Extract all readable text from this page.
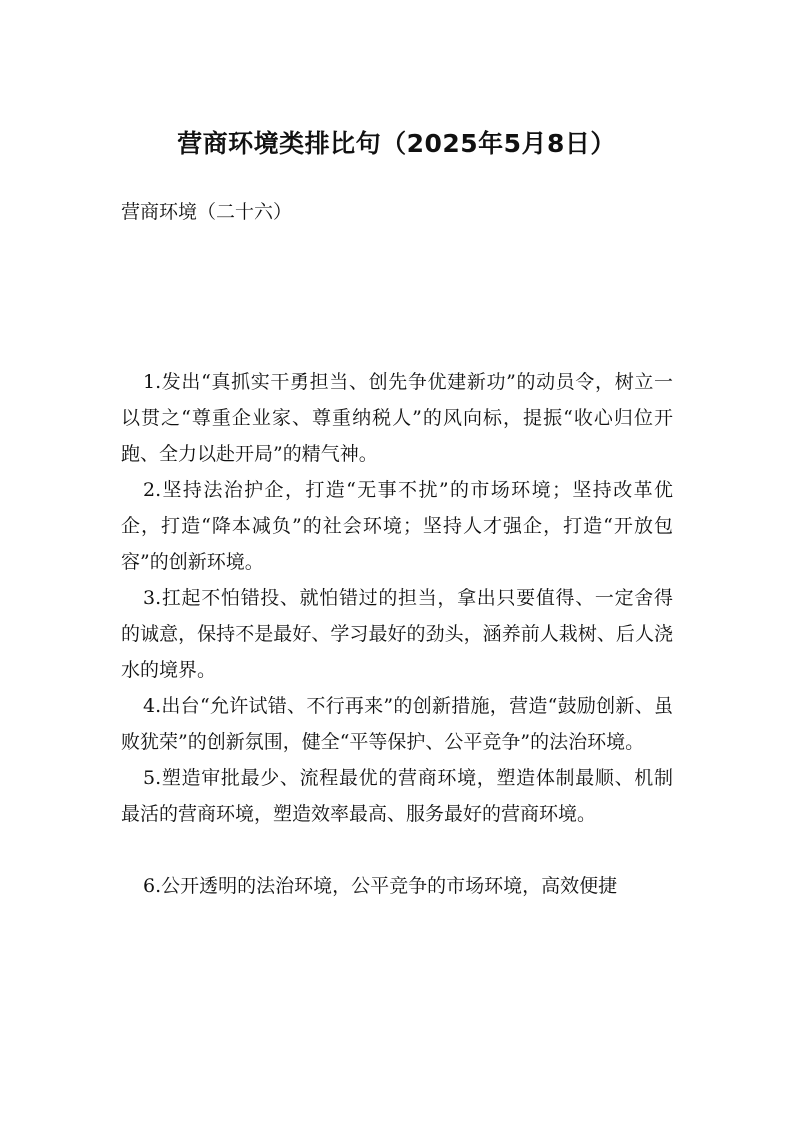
营商环境类排比句（2025年5月8日）
营商环境（二十六）

1.发出“真抓实干勇担当、创先争优建新功”的动员令，树立一以贯之“尊重企业家、尊重纳税人”的风向标，提振“收心归位开跑、全力以赴开局”的精气神。

2.坚持法治护企，打造“无事不扰”的市场环境；坚持改革优企，打造“降本减负”的社会环境；坚持人才强企，打造“开放包容”的创新环境。

3.扛起不怕错投、就怕错过的担当，拿出只要值得、一定舍得的诚意，保持不是最好、学习最好的劲头，涵养前人栽树、后人浇水的境界。

4.出台“允许试错、不行再来”的创新措施，营造“鼓励创新、虽败犹荣”的创新氛围，健全“平等保护、公平竞争”的法治环境。

5.塑造审批最少、流程最优的营商环境，塑造体制最顺、机制最活的营商环境，塑造效率最高、服务最好的营商环境。

6.公开透明的法治环境，公平竞争的市场环境，高效便捷
